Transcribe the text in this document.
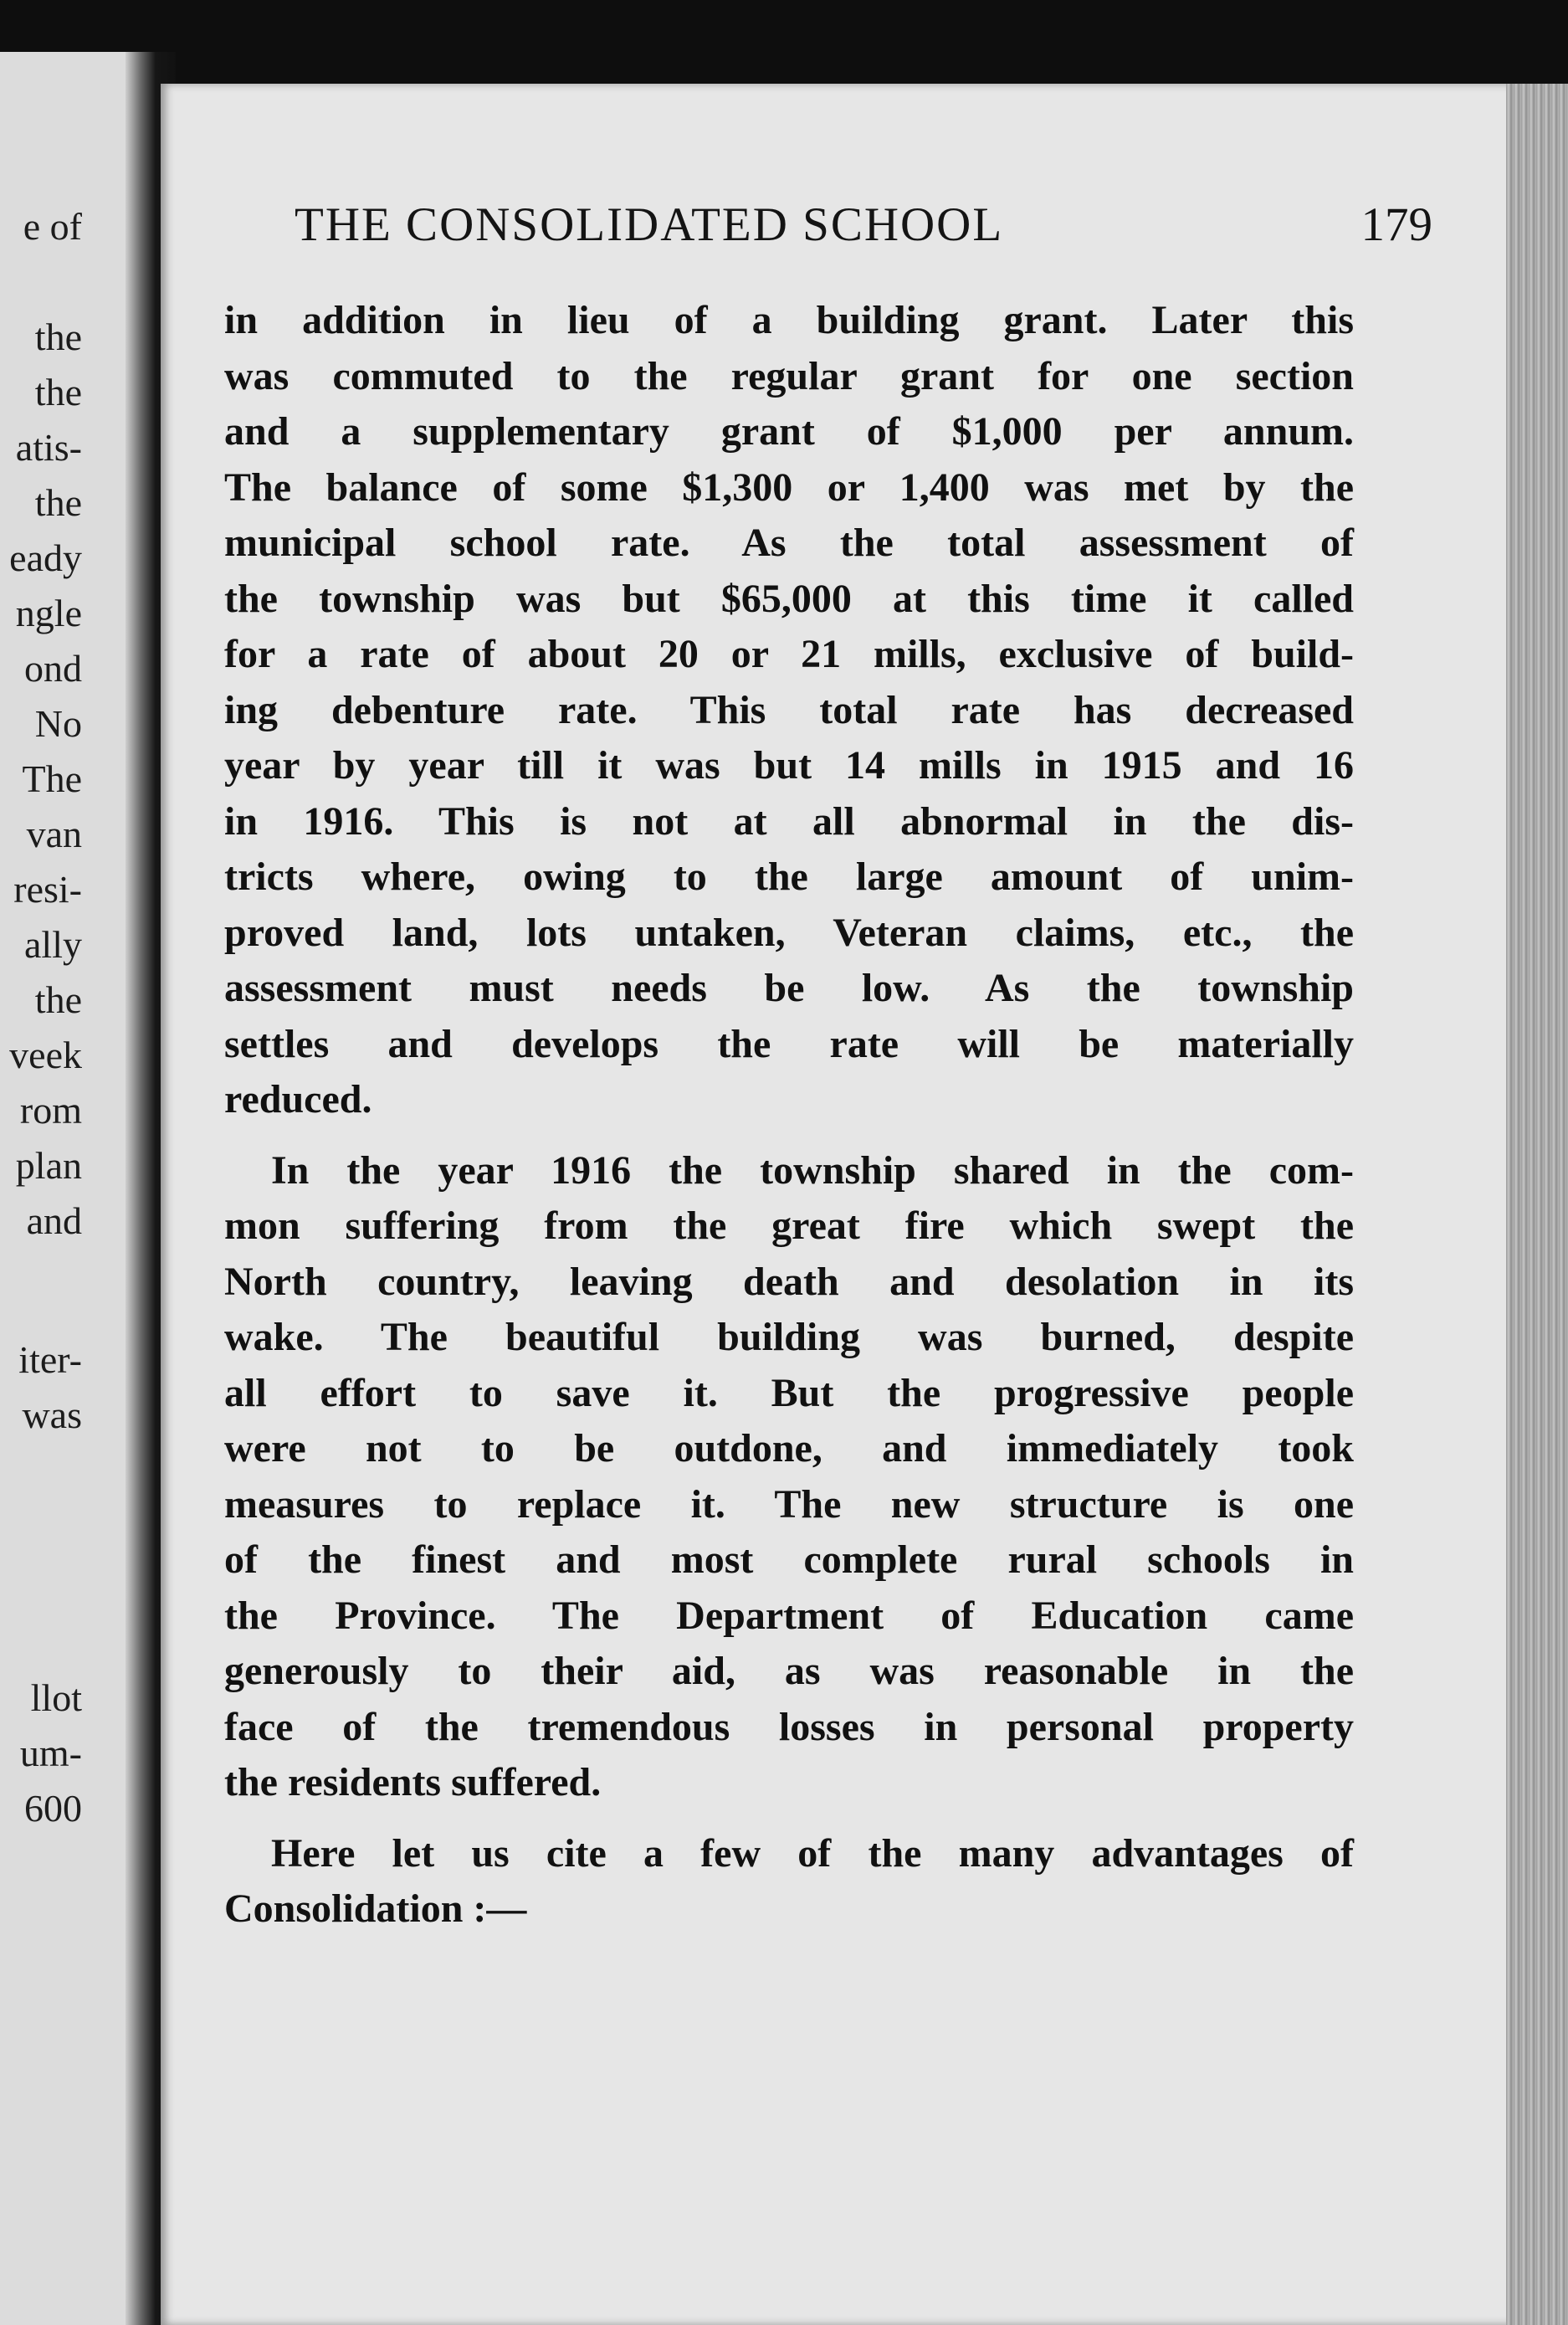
e of
the
the
atis-
the
eady
ngle
ond
No
The
van
resi-
ally
the
veek
rom
plan
and
iter-
was
llot
um-
600
THE CONSOLIDATED SCHOOL	179
in addition in lieu of a building grant. Later this
was commuted to the regular grant for one section
and a supplementary grant of $1,000 per annum.
The balance of some $1,300 or 1,400 was met by the
municipal school rate. As the total assessment of
the township was but $65,000 at this time it called
for a rate of about 20 or 21 mills, exclusive of build-
ing debenture rate. This total rate has decreased
year by year till it was but 14 mills in 1915 and 16
in 1916. This is not at all abnormal in the dis-
tricts where, owing to the large amount of unim-
proved land, lots untaken, Veteran claims, etc., the
assessment must needs be low. As the township
settles and develops the rate will be materially
reduced.
In the year 1916 the township shared in the com-
mon suffering from the great fire which swept the
North country, leaving death and desolation in its
wake. The beautiful building was burned, despite
all effort to save it. But the progressive people
were not to be outdone, and immediately took
measures to replace it. The new structure is one
of the finest and most complete rural schools in
the Province. The Department of Education came
generously to their aid, as was reasonable in the
face of the tremendous losses in personal property
the residents suffered.
Here let us cite a few of the many advantages of
Consolidation :—
